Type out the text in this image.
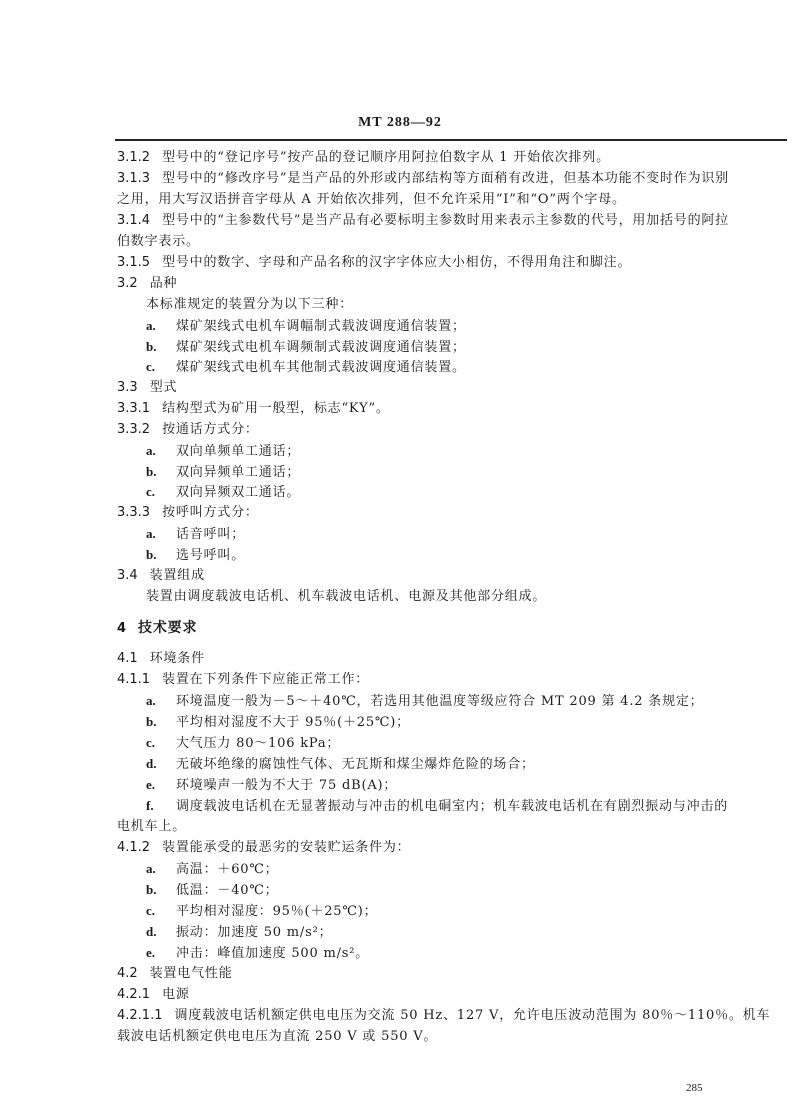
MT 288—92
3.1.2 型号中的“登记序号”按产品的登记顺序用阿拉伯数字从 1 开始依次排列。
3.1.3 型号中的“修改序号”是当产品的外形或内部结构等方面稍有改进，但基本功能不变时作为识别
之用，用大写汉语拼音字母从 A 开始依次排列，但不允许采用“I”和“O”两个字母。
3.1.4 型号中的“主参数代号”是当产品有必要标明主参数时用来表示主参数的代号，用加括号的阿拉
伯数字表示。
3.1.5 型号中的数字、字母和产品名称的汉字字体应大小相仿，不得用角注和脚注。
3.2 品种
本标准规定的装置分为以下三种：
a. 煤矿架线式电机车调幅制式载波调度通信装置；
b. 煤矿架线式电机车调频制式载波调度通信装置；
c. 煤矿架线式电机车其他制式载波调度通信装置。
3.3 型式
3.3.1 结构型式为矿用一般型，标志“KY”。
3.3.2 按通话方式分：
a. 双向单频单工通话；
b. 双向异频单工通话；
c. 双向异频双工通话。
3.3.3 按呼叫方式分：
a. 话音呼叫；
b. 选号呼叫。
3.4 装置组成
装置由调度载波电话机、机车载波电话机、电源及其他部分组成。
4 技术要求
4.1 环境条件
4.1.1 装置在下列条件下应能正常工作：
a. 环境温度一般为－5～＋40℃，若选用其他温度等级应符合 MT 209 第 4.2 条规定；
b. 平均相对湿度不大于 95％(＋25℃)；
c. 大气压力 80～106 kPa；
d. 无破坏绝缘的腐蚀性气体、无瓦斯和煤尘爆炸危险的场合；
e. 环境噪声一般为不大于 75 dB(A)；
f. 调度载波电话机在无显著振动与冲击的机电硐室内；机车载波电话机在有剧烈振动与冲击的
电机车上。
4.1.2 装置能承受的最恶劣的安装贮运条件为：
a. 高温：＋60℃；
b. 低温：－40℃；
c. 平均相对湿度：95％(＋25℃)；
d. 振动：加速度 50 m/s²；
e. 冲击：峰值加速度 500 m/s²。
4.2 装置电气性能
4.2.1 电源
4.2.1.1 调度载波电话机额定供电电压为交流 50 Hz、127 V，允许电压波动范围为 80％～110％。机车
载波电话机额定供电电压为直流 250 V 或 550 V。
285
